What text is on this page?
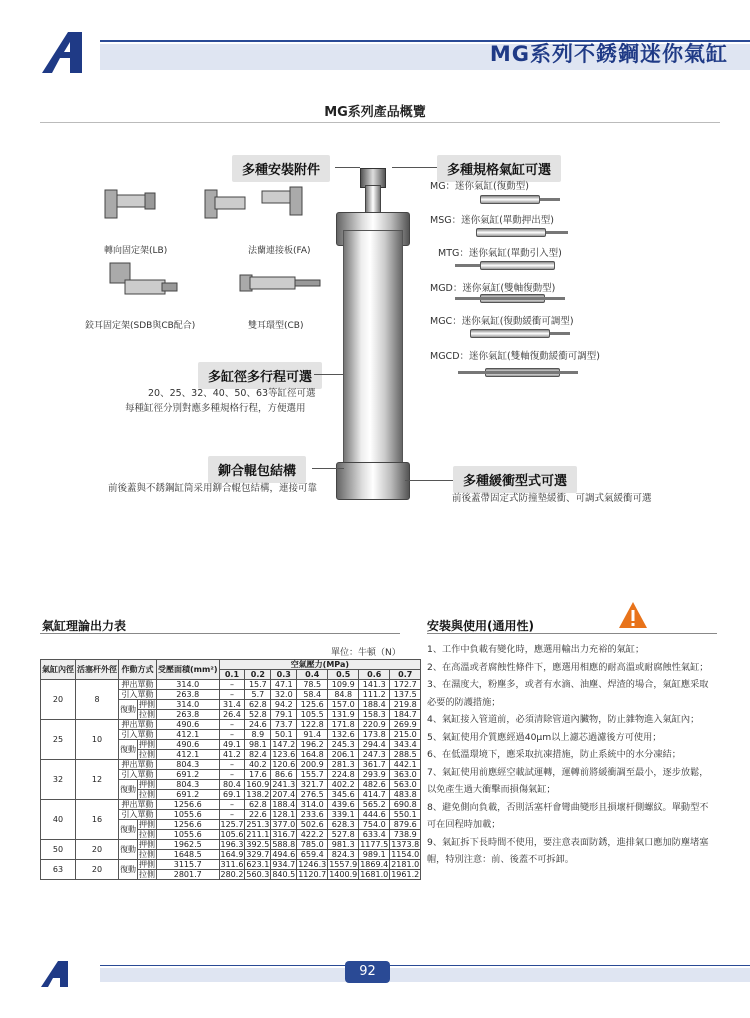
MG系列不銹鋼迷你氣缸
MG系列產品概覽
多種安裝附件
轉向固定架(LB)	法蘭連接板(FA)
鉸耳固定架(SDB與CB配合)	雙耳環型(CB)
多種規格氣缸可選
MG：迷你氣缸(復動型)
MSG：迷你氣缸(單動押出型)
MTG：迷你氣缸(單動引入型)
MGD：迷你氣缸(雙軸復動型)
MGC：迷你氣缸(復動緩衝可調型)
MGCD：迷你氣缸(雙軸復動緩衝可調型)
多缸徑多行程可選
20、25、32、40、50、63等缸徑可選
每種缸徑分別對應多種規格行程，方便選用
鉚合輥包結構
前後蓋與不銹鋼缸筒采用鉚合輥包結構，連接可靠	多種緩衝型式可選
前後蓋帶固定式防撞墊緩衝、可調式氣緩衝可選
氣缸理論出力表
單位：牛頓（N）
氣缸內徑	活塞杆外徑	作動方式		受壓面積(mm²)	空氣壓力(MPa)						
					0.1	0.2	0.3	0.4	0.5	0.6	0.7
20	8	押出單動		314.0	–	15.7	47.1	78.5	109.9	141.3	172.7
		引入單動		263.8	–	5.7	32.0	58.4	84.8	111.2	137.5
		復動	押側	314.0	31.4	62.8	94.2	125.6	157.0	188.4	219.8
			拉側	263.8	26.4	52.8	79.1	105.5	131.9	158.3	184.7
25	10	押出單動		490.6	–	24.6	73.7	122.8	171.8	220.9	269.9
		引入單動		412.1	–	8.9	50.1	91.4	132.6	173.8	215.0
		復動	押側	490.6	49.1	98.1	147.2	196.2	245.3	294.4	343.4
			拉側	412.1	41.2	82.4	123.6	164.8	206.1	247.3	288.5
32	12	押出單動		804.3	–	40.2	120.6	200.9	281.3	361.7	442.1
		引入單動		691.2	–	17.6	86.6	155.7	224.8	293.9	363.0
		復動	押側	804.3	80.4	160.9	241.3	321.7	402.2	482.6	563.0
			拉側	691.2	69.1	138.2	207.4	276.5	345.6	414.7	483.8
40	16	押出單動		1256.6	–	62.8	188.4	314.0	439.6	565.2	690.8
		引入單動		1055.6	–	22.6	128.1	233.6	339.1	444.6	550.1
		復動	押側	1256.6	125.7	251.3	377.0	502.6	628.3	754.0	879.6
			拉側	1055.6	105.6	211.1	316.7	422.2	527.8	633.4	738.9
50	20	復動	押側	1962.5	196.3	392.5	588.8	785.0	981.3	1177.5	1373.8
			拉側	1648.5	164.9	329.7	494.6	659.4	824.3	989.1	1154.0
63	20	復動	押側	3115.7	311.6	623.1	934.7	1246.3	1557.9	1869.4	2181.0
			拉側	2801.7	280.2	560.3	840.5	1120.7	1400.9	1681.0	1961.2
安裝與使用(通用性)
1、工作中負載有變化時，應選用輸出力充裕的氣缸；
2、在高溫或者腐蝕性條件下，應選用相應的耐高溫或耐腐蝕性氣缸；
3、在濕度大，粉塵多，或者有水滴、油塵、焊渣的場合，氣缸應采取
必要的防護措施；
4、氣缸接入管道前，必須清除管道內臟物，防止雜物進入氣缸內；
5、氣缸使用介質應經過40μm以上濾芯過濾後方可使用；
6、在低溫環境下，應采取抗凍措施，防止系統中的水分凍結；
7、氣缸使用前應經空載試運轉，運轉前將緩衝調至最小，逐步放鬆，
以免產生過大衝擊而損傷氣缸；
8、避免側向負載，否則活塞杆會彎曲變形且損壞杆側螺紋。單動型不
可在回程時加載；
9、氣缸拆下長時間不使用，要注意表面防銹，進排氣口應加防塵堵塞
帽，特別注意：前、後蓋不可拆卸。
92
